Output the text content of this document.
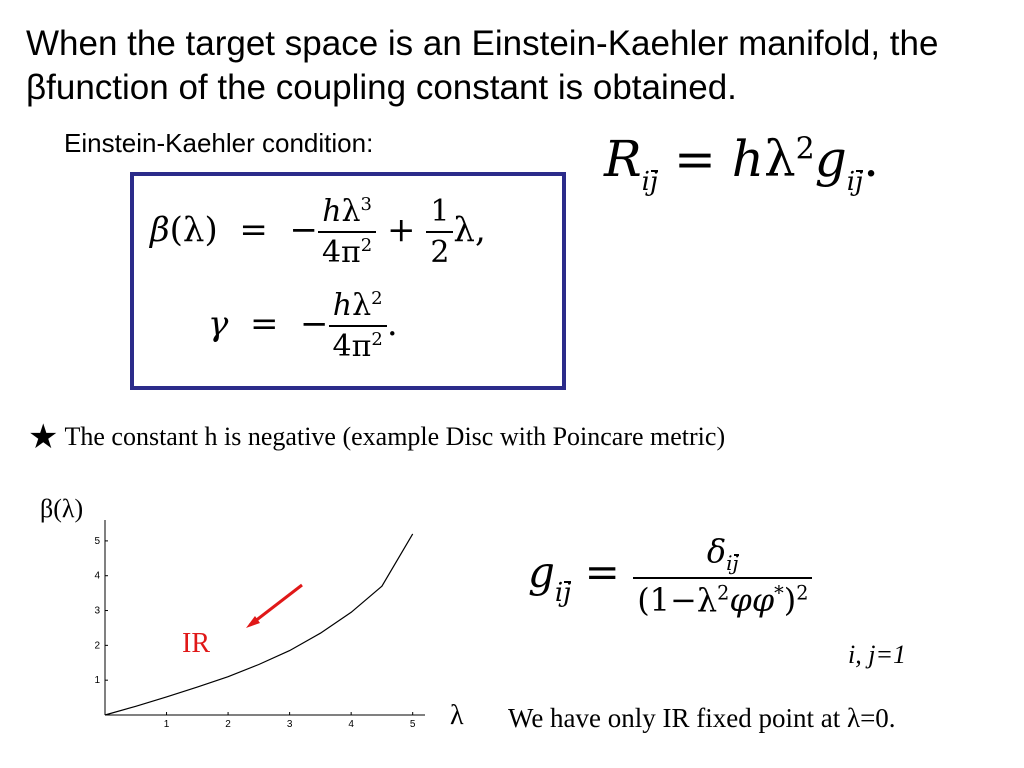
When the target space is an Einstein-Kaehler manifold, the βfunction of the coupling constant is obtained.
Einstein-Kaehler condition:	$R_{ij} = h\lambda^2g_{ij}$.
β(λ)  =  − $\frac{h\lambda^3}{4\pi^2} + \frac{1}{2} \lambda$,
γ  =  − $\frac{h\lambda^2}{4\pi^2}$ .
★ The constant h is negative (example Disc with Poincare metric)
β(λ)
1	2	3	4	5
1
2
3
4
5
IR
λ
$g_{ij} = \frac{\delta_{ij}}{(1-\lambda^2\varphi\varphi^*)^2}$
i, j=1
We have only IR fixed point at λ=0.
